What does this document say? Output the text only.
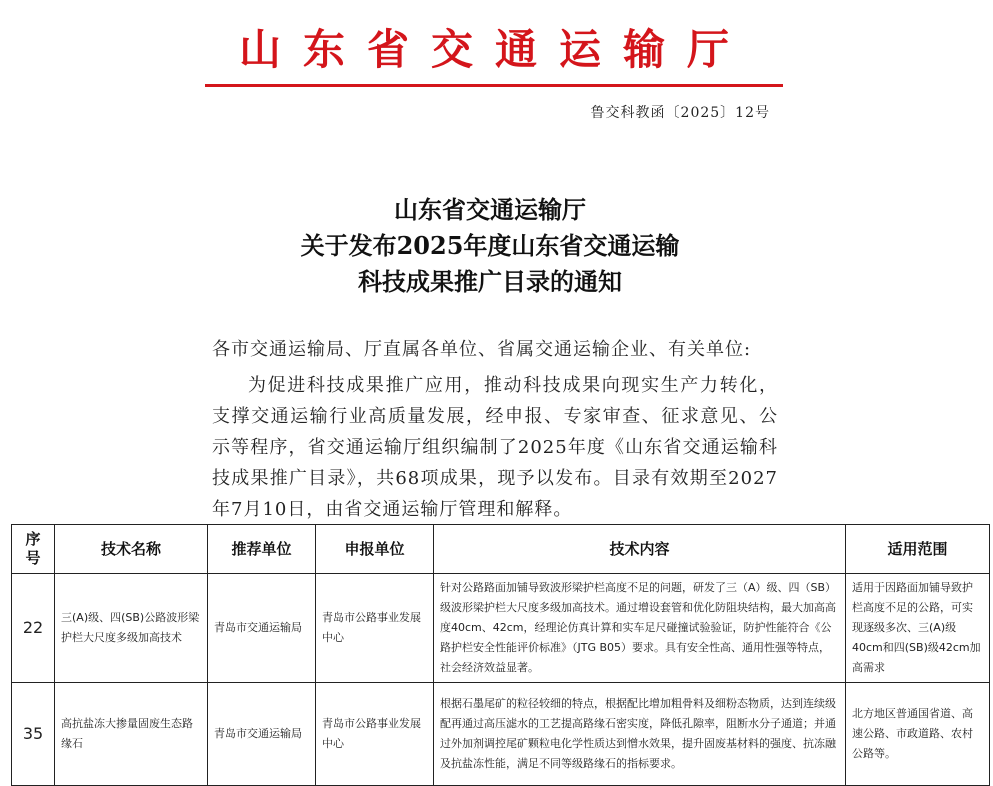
山东省交通运输厅
鲁交科教函〔2025〕12号
山东省交通运输厅
关于发布2025年度山东省交通运输
科技成果推广目录的通知
各市交通运输局、厅直属各单位、省属交通运输企业、有关单位:
为促进科技成果推广应用，推动科技成果向现实生产力转化，支撑交通运输行业高质量发展，经申报、专家审查、征求意见、公示等程序，省交通运输厅组织编制了2025年度《山东省交通运输科技成果推广目录》，共68项成果，现予以发布。目录有效期至2027年7月10日，由省交通运输厅管理和解释。
序号	技术名称	推荐单位	申报单位	技术内容	适用范围
22	三(A)级、四(SB)公路波形梁护栏大尺度多级加高技术	青岛市交通运输局	青岛市公路事业发展中心	针对公路路面加铺导致波形梁护栏高度不足的问题，研发了三（A）级、四（SB）级波形梁护栏大尺度多级加高技术。通过增设套管和优化防阻块结构，最大加高高度40cm、42cm，经理论仿真计算和实车足尺碰撞试验验证，防护性能符合《公路护栏安全性能评价标准》（JTG B05）要求。具有安全性高、通用性强等特点，社会经济效益显著。	适用于因路面加铺导致护栏高度不足的公路，可实现逐级多次、三(A)级40cm和四(SB)级42cm加高需求
35	高抗盐冻大掺量固废生态路缘石	青岛市交通运输局	青岛市公路事业发展中心	根据石墨尾矿的粒径较细的特点，根据配比增加粗骨料及细粉态物质，达到连续级配再通过高压滤水的工艺提高路缘石密实度，降低孔隙率，阻断水分子通道；并通过外加剂调控尾矿颗粒电化学性质达到憎水效果，提升固废基材料的强度、抗冻融及抗盐冻性能，满足不同等级路缘石的指标要求。	北方地区普通国省道、高速公路、市政道路、农村公路等。
